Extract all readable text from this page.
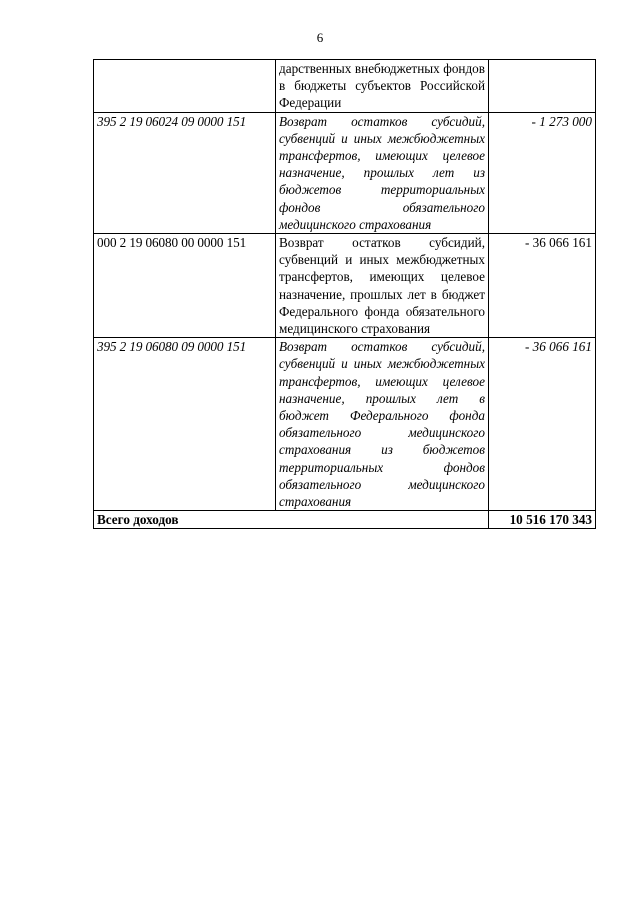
6
	дарственных внебюджетных фондов в бюджеты субъектов Российской Федерации	
395 2 19 06024 09 0000 151	Возврат остатков субсидий, субвенций и иных межбюджетных трансфертов, имеющих целевое назначение, прошлых лет из бюджетов территориальных фондов обязательного медицинского страхования	- 1 273 000
000 2 19 06080 00 0000 151	Возврат остатков субсидий, субвенций и иных межбюджетных трансфертов, имеющих целевое назначение, прошлых лет в бюджет Федерального фонда обязательного медицинского страхования	- 36 066 161
395 2 19 06080 09 0000 151	Возврат остатков субсидий, субвенций и иных межбюджетных трансфертов, имеющих целевое назначение, прошлых лет в бюджет Федерального фонда обязательного медицинского страхования из бюджетов территориальных фондов обязательного медицинского страхования	- 36 066 161
Всего доходов		10 516 170 343
